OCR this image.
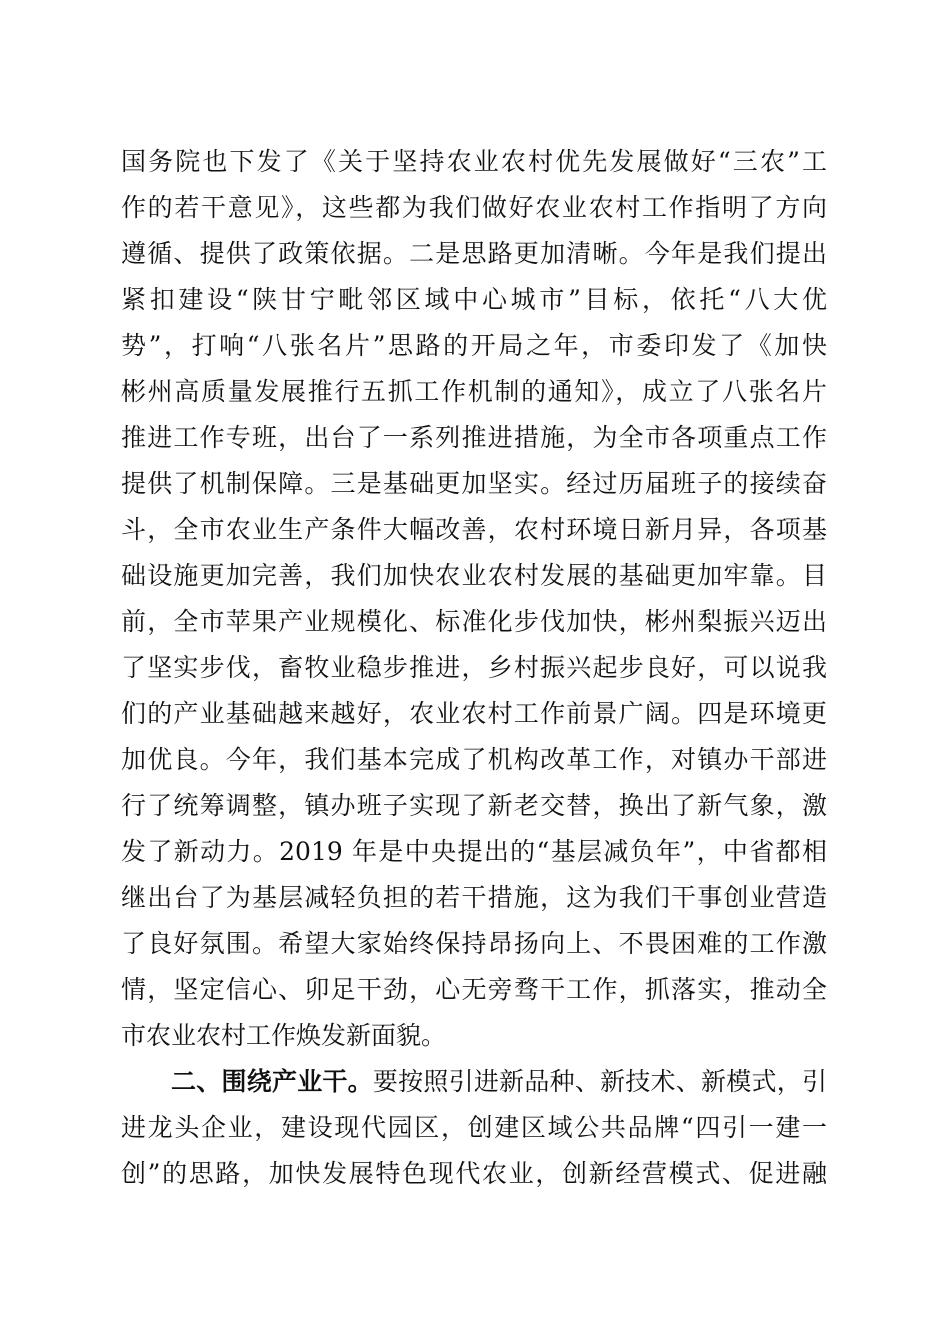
国务院也下发了《关于坚持农业农村优先发展做好“三农”工
作的若干意见》，这些都为我们做好农业农村工作指明了方向
遵循、提供了政策依据。二是思路更加清晰。今年是我们提出
紧扣建设“陕甘宁毗邻区域中心城市”目标，依托“八大优
势”，打响“八张名片”思路的开局之年，市委印发了《加快
彬州高质量发展推行五抓工作机制的通知》，成立了八张名片
推进工作专班，出台了一系列推进措施，为全市各项重点工作
提供了机制保障。三是基础更加坚实。经过历届班子的接续奋
斗，全市农业生产条件大幅改善，农村环境日新月异，各项基
础设施更加完善，我们加快农业农村发展的基础更加牢靠。目
前，全市苹果产业规模化、标准化步伐加快，彬州梨振兴迈出
了坚实步伐，畜牧业稳步推进，乡村振兴起步良好，可以说我
们的产业基础越来越好，农业农村工作前景广阔。四是环境更
加优良。今年，我们基本完成了机构改革工作，对镇办干部进
行了统筹调整，镇办班子实现了新老交替，换出了新气象，激
发了新动力。2019 年是中央提出的“基层减负年”，中省都相
继出台了为基层减轻负担的若干措施，这为我们干事创业营造
了良好氛围。希望大家始终保持昂扬向上、不畏困难的工作激
情，坚定信心、卯足干劲，心无旁骛干工作，抓落实，推动全
市农业农村工作焕发新面貌。
二、围绕产业干。要按照引进新品种、新技术、新模式，引
进龙头企业，建设现代园区，创建区域公共品牌“四引一建一
创”的思路，加快发展特色现代农业，创新经营模式、促进融
